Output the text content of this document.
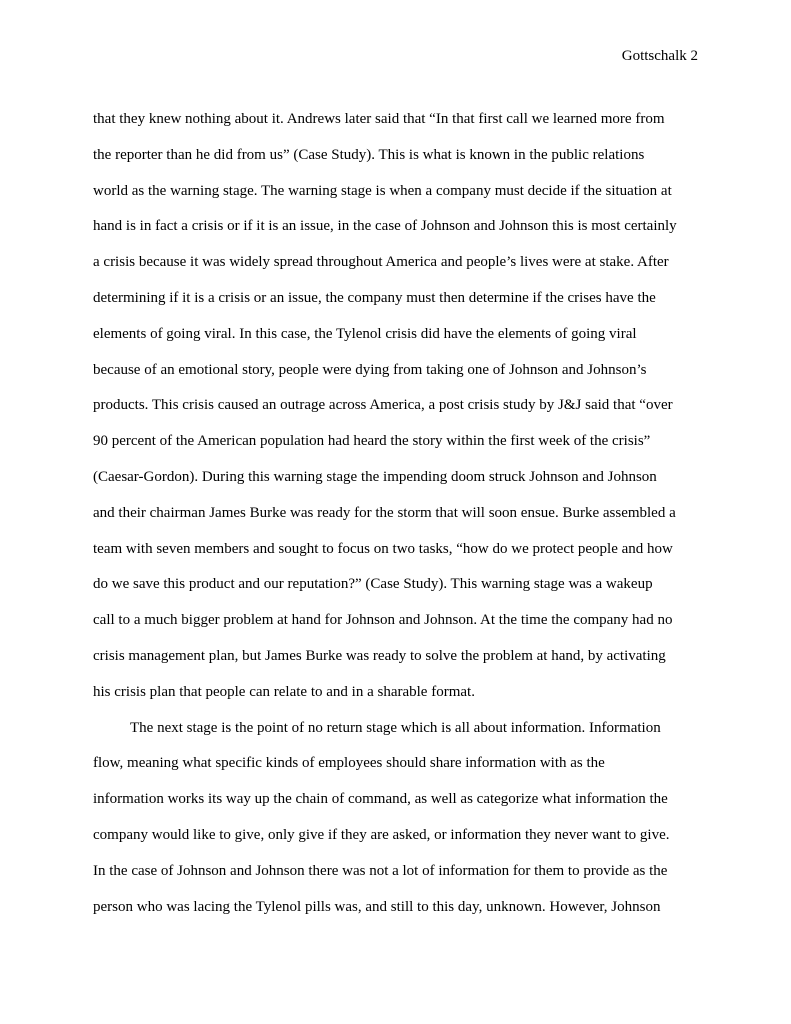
Gottschalk 2
that they knew nothing about it. Andrews later said that “In that first call we learned more from
the reporter than he did from us” (Case Study). This is what is known in the public relations
world as the warning stage. The warning stage is when a company must decide if the situation at
hand is in fact a crisis or if it is an issue, in the case of Johnson and Johnson this is most certainly
a crisis because it was widely spread throughout America and people’s lives were at stake. After
determining if it is a crisis or an issue, the company must then determine if the crises have the
elements of going viral. In this case, the Tylenol crisis did have the elements of going viral
because of an emotional story, people were dying from taking one of Johnson and Johnson’s
products. This crisis caused an outrage across America, a post crisis study by J&J said that “over
90 percent of the American population had heard the story within the first week of the crisis”
(Caesar-Gordon). During this warning stage the impending doom struck Johnson and Johnson
and their chairman James Burke was ready for the storm that will soon ensue. Burke assembled a
team with seven members and sought to focus on two tasks, “how do we protect people and how
do we save this product and our reputation?” (Case Study). This warning stage was a wakeup
call to a much bigger problem at hand for Johnson and Johnson. At the time the company had no
crisis management plan, but James Burke was ready to solve the problem at hand, by activating
his crisis plan that people can relate to and in a sharable format.
The next stage is the point of no return stage which is all about information. Information
flow, meaning what specific kinds of employees should share information with as the
information works its way up the chain of command, as well as categorize what information the
company would like to give, only give if they are asked, or information they never want to give.
In the case of Johnson and Johnson there was not a lot of information for them to provide as the
person who was lacing the Tylenol pills was, and still to this day, unknown. However, Johnson
